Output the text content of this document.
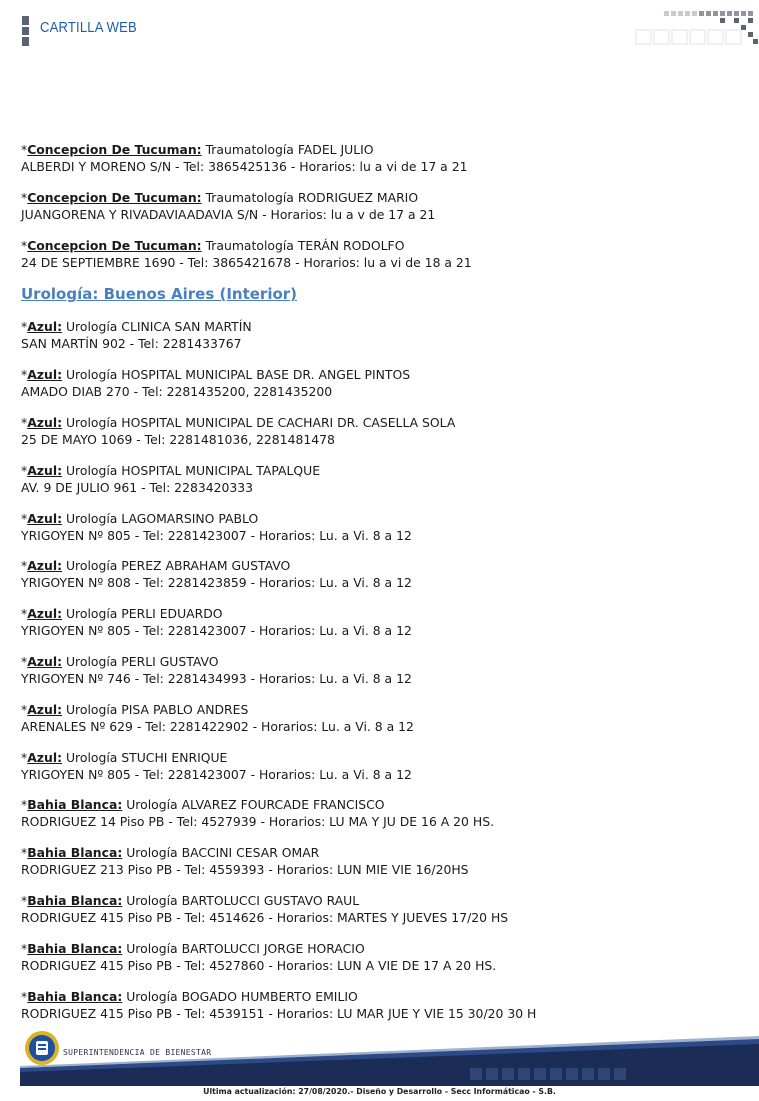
CARTILLA WEB
*Concepcion De Tucuman: Traumatología FADEL JULIO
ALBERDI Y MORENO S/N - Tel: 3865425136 - Horarios: lu a vi de 17 a 21
*Concepcion De Tucuman: Traumatología RODRIGUEZ MARIO
JUANGORENA Y RIVADAVIAADAVIA S/N - Horarios: lu a v de 17 a 21
*Concepcion De Tucuman: Traumatología TERÁN RODOLFO
24 DE SEPTIEMBRE 1690 - Tel: 3865421678 - Horarios: lu a vi de 18 a 21
Urología: Buenos Aires (Interior)
*Azul: Urología CLINICA SAN MARTÍN
SAN MARTÍN 902 - Tel: 2281433767
*Azul: Urología HOSPITAL MUNICIPAL BASE DR. ANGEL PINTOS
AMADO DIAB 270 - Tel: 2281435200, 2281435200
*Azul: Urología HOSPITAL MUNICIPAL DE CACHARI DR. CASELLA SOLA
25 DE MAYO 1069 - Tel: 2281481036, 2281481478
*Azul: Urología HOSPITAL MUNICIPAL TAPALQUE
AV. 9 DE JULIO 961 - Tel: 2283420333
*Azul: Urología LAGOMARSINO PABLO
YRIGOYEN Nº 805 - Tel: 2281423007 - Horarios: Lu. a Vi. 8 a 12
*Azul: Urología PEREZ ABRAHAM GUSTAVO
YRIGOYEN Nº 808 - Tel: 2281423859 - Horarios: Lu. a Vi. 8 a 12
*Azul: Urología PERLI EDUARDO
YRIGOYEN Nº 805 - Tel: 2281423007 - Horarios: Lu. a Vi. 8 a 12
*Azul: Urología PERLI GUSTAVO
YRIGOYEN Nº 746 - Tel: 2281434993 - Horarios: Lu. a Vi. 8 a 12
*Azul: Urología PISA PABLO ANDRES
ARENALES Nº 629 - Tel: 2281422902 - Horarios: Lu. a Vi. 8 a 12
*Azul: Urología STUCHI ENRIQUE
YRIGOYEN Nº 805 - Tel: 2281423007 - Horarios: Lu. a Vi. 8 a 12
*Bahia Blanca: Urología ALVAREZ FOURCADE FRANCISCO
RODRIGUEZ 14 Piso PB - Tel: 4527939 - Horarios: LU MA Y JU DE 16 A 20 HS.
*Bahia Blanca: Urología BACCINI CESAR OMAR
RODRIGUEZ 213 Piso PB - Tel: 4559393 - Horarios: LUN MIE VIE 16/20HS
*Bahia Blanca: Urología BARTOLUCCI GUSTAVO RAUL
RODRIGUEZ 415 Piso PB - Tel: 4514626 - Horarios: MARTES Y JUEVES 17/20 HS
*Bahia Blanca: Urología BARTOLUCCI JORGE HORACIO
RODRIGUEZ 415 Piso PB - Tel: 4527860 - Horarios: LUN A VIE DE 17 A 20 HS.
*Bahia Blanca: Urología BOGADO HUMBERTO EMILIO
RODRIGUEZ 415 Piso PB - Tel: 4539151 - Horarios: LU MAR JUE Y VIE 15 30/20 30 H
SUPERINTENDENCIA DE BIENESTAR
Ultima actualización: 27/08/2020.- Diseño y Desarrollo - Secc Informáticao - S.B.
